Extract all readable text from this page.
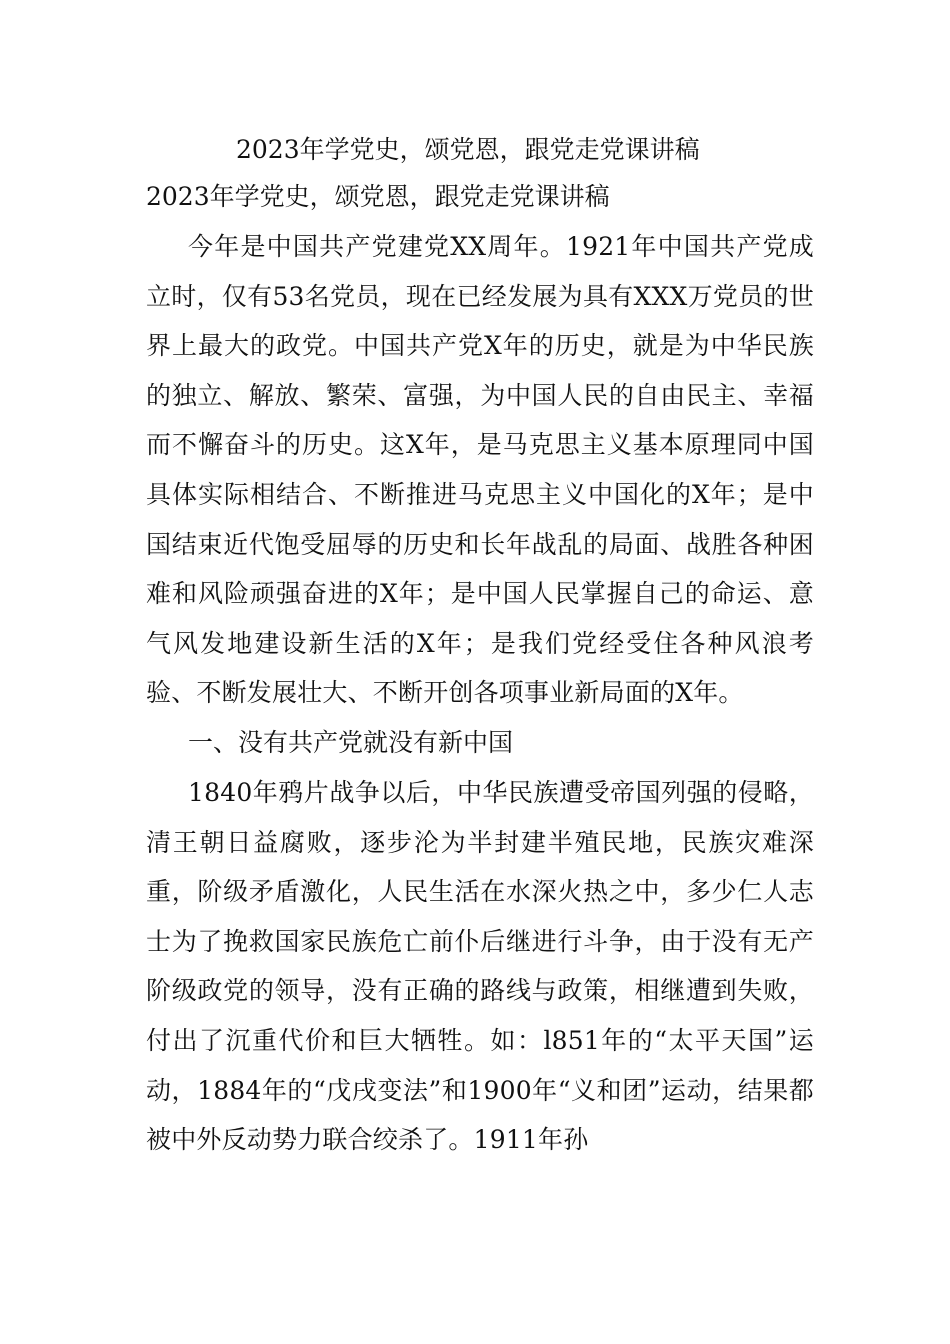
2023年学党史，颂党恩，跟党走党课讲稿

2023年学党史，颂党恩，跟党走党课讲稿

今年是中国共产党建党XX周年。1921年中国共产党成立时，仅有53名党员，现在已经发展为具有XXX万党员的世界上最大的政党。中国共产党X年的历史，就是为中华民族的独立、解放、繁荣、富强，为中国人民的自由民主、幸福而不懈奋斗的历史。这X年，是马克思主义基本原理同中国具体实际相结合、不断推进马克思主义中国化的X年；是中国结束近代饱受屈辱的历史和长年战乱的局面、战胜各种困难和风险顽强奋进的X年；是中国人民掌握自己的命运、意气风发地建设新生活的X年；是我们党经受住各种风浪考验、不断发展壮大、不断开创各项事业新局面的X年。

一、没有共产党就没有新中国

1840年鸦片战争以后，中华民族遭受帝国列强的侵略，清王朝日益腐败，逐步沦为半封建半殖民地，民族灾难深重，阶级矛盾激化，人民生活在水深火热之中，多少仁人志士为了挽救国家民族危亡前仆后继进行斗争，由于没有无产阶级政党的领导，没有正确的路线与政策，相继遭到失败，付出了沉重代价和巨大牺牲。如：l851年的“太平天国”运动，1884年的“戊戌变法”和1900年“义和团”运动，结果都被中外反动势力联合绞杀了。1911年孙
